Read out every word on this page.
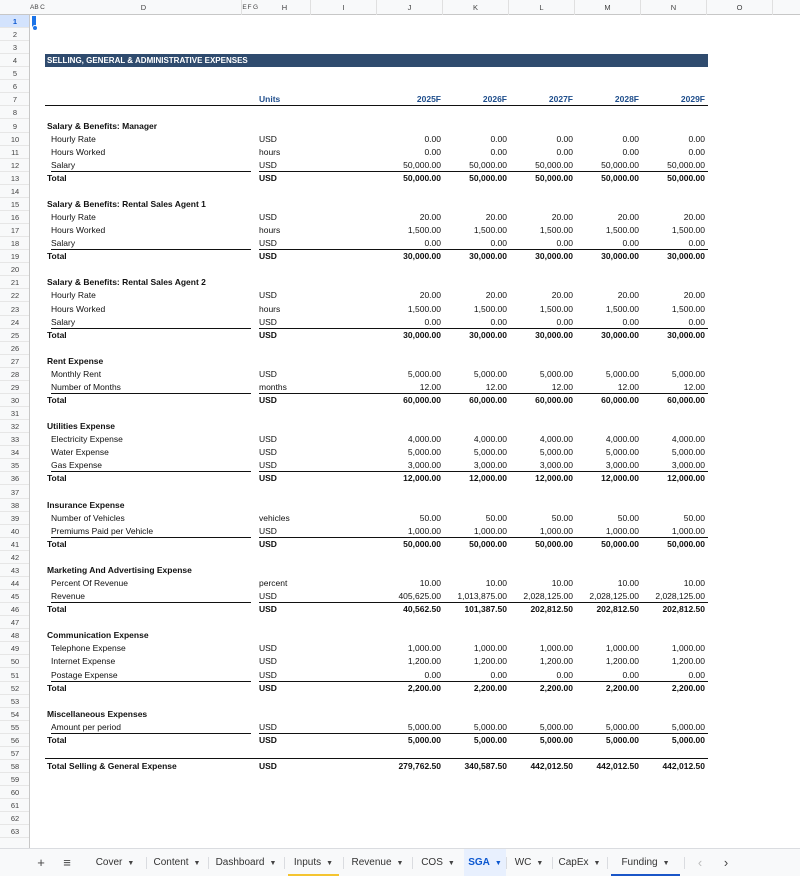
A B C	D	E F G	H	I	J	K	L	M	N	O
1
2
3
4
5
6
7
8
9
10
11
12
13
14
15
16
17
18
19
20
21
22
23
24
25
26
27
28
29
30
31
32
33
34
35
36
37
38
39
40
41
42
43
44
45
46
47
48
49
50
51
52
53
54
55
56
57
58
59
60
61
62
63
SELLING, GENERAL & ADMINISTRATIVE EXPENSES
Units	2025F	2026F	2027F	2028F	2029F
Salary & Benefits: Manager
Hourly Rate	USD	0.00	0.00	0.00	0.00	0.00
Hours Worked	hours	0.00	0.00	0.00	0.00	0.00
Salary	USD	50,000.00	50,000.00	50,000.00	50,000.00	50,000.00
Total	USD	50,000.00	50,000.00	50,000.00	50,000.00	50,000.00
Salary & Benefits: Rental Sales Agent 1
Hourly Rate	USD	20.00	20.00	20.00	20.00	20.00
Hours Worked	hours	1,500.00	1,500.00	1,500.00	1,500.00	1,500.00
Salary	USD	0.00	0.00	0.00	0.00	0.00
Total	USD	30,000.00	30,000.00	30,000.00	30,000.00	30,000.00
Salary & Benefits: Rental Sales Agent 2
Hourly Rate	USD	20.00	20.00	20.00	20.00	20.00
Hours Worked	hours	1,500.00	1,500.00	1,500.00	1,500.00	1,500.00
Salary	USD	0.00	0.00	0.00	0.00	0.00
Total	USD	30,000.00	30,000.00	30,000.00	30,000.00	30,000.00
Rent Expense
Monthly Rent	USD	5,000.00	5,000.00	5,000.00	5,000.00	5,000.00
Number of Months	months	12.00	12.00	12.00	12.00	12.00
Total	USD	60,000.00	60,000.00	60,000.00	60,000.00	60,000.00
Utilities Expense
Electricity Expense	USD	4,000.00	4,000.00	4,000.00	4,000.00	4,000.00
Water Expense	USD	5,000.00	5,000.00	5,000.00	5,000.00	5,000.00
Gas Expense	USD	3,000.00	3,000.00	3,000.00	3,000.00	3,000.00
Total	USD	12,000.00	12,000.00	12,000.00	12,000.00	12,000.00
Insurance Expense
Number of Vehicles	vehicles	50.00	50.00	50.00	50.00	50.00
Premiums Paid per Vehicle	USD	1,000.00	1,000.00	1,000.00	1,000.00	1,000.00
Total	USD	50,000.00	50,000.00	50,000.00	50,000.00	50,000.00
Marketing And Advertising Expense
Percent Of Revenue	percent	10.00	10.00	10.00	10.00	10.00
Revenue	USD	405,625.00	1,013,875.00	2,028,125.00	2,028,125.00	2,028,125.00
Total	USD	40,562.50	101,387.50	202,812.50	202,812.50	202,812.50
Communication Expense
Telephone Expense	USD	1,000.00	1,000.00	1,000.00	1,000.00	1,000.00
Internet Expense	USD	1,200.00	1,200.00	1,200.00	1,200.00	1,200.00
Postage Expense	USD	0.00	0.00	0.00	0.00	0.00
Total	USD	2,200.00	2,200.00	2,200.00	2,200.00	2,200.00
Miscellaneous Expenses
Amount per period	USD	5,000.00	5,000.00	5,000.00	5,000.00	5,000.00
Total	USD	5,000.00	5,000.00	5,000.00	5,000.00	5,000.00
Total Selling & General Expense	USD	279,762.50	340,587.50	442,012.50	442,012.50	442,012.50
+	≡	Cover ▼	Content ▼	Dashboard ▼	Inputs ▼	Revenue ▼	COS ▼	SGA ▼	WC ▼	CapEx ▼	Funding ▼	‹	›
